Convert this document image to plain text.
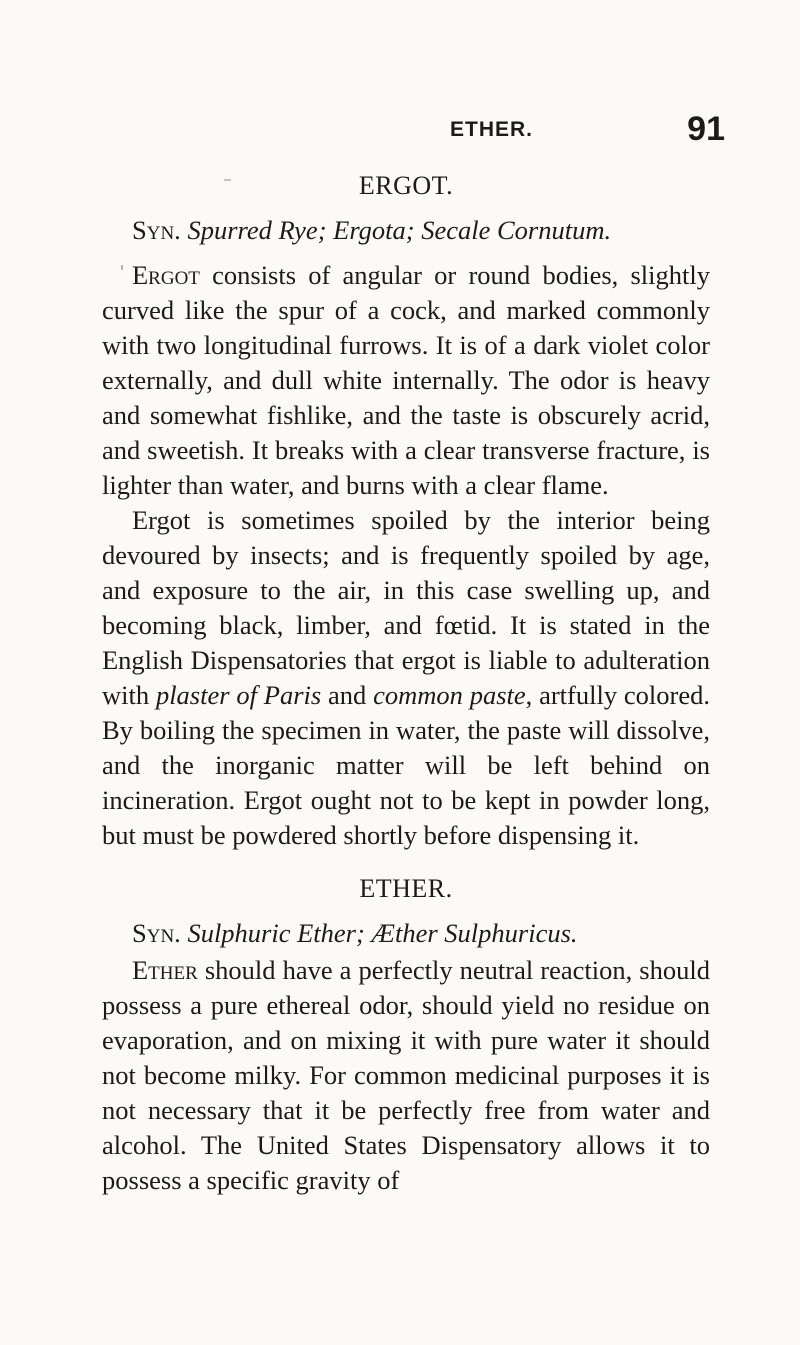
ETHER.	91
ERGOT.
Syn. Spurred Rye; Ergota; Secale Cornutum.
Ergot consists of angular or round bodies, slightly curved like the spur of a cock, and marked commonly with two longitudinal furrows. It is of a dark violet color externally, and dull white internally. The odor is heavy and somewhat fishlike, and the taste is obscurely acrid, and sweetish. It breaks with a clear transverse fracture, is lighter than water, and burns with a clear flame.
Ergot is sometimes spoiled by the interior being devoured by insects; and is frequently spoiled by age, and exposure to the air, in this case swelling up, and becoming black, limber, and fœtid. It is stated in the English Dispensatories that ergot is liable to adulteration with plaster of Paris and common paste, artfully colored. By boiling the specimen in water, the paste will dissolve, and the inorganic matter will be left behind on incineration. Ergot ought not to be kept in powder long, but must be powdered shortly before dispensing it.
ETHER.
Syn. Sulphuric Ether; Æther Sulphuricus.
Ether should have a perfectly neutral reaction, should possess a pure ethereal odor, should yield no residue on evaporation, and on mixing it with pure water it should not become milky. For common medicinal purposes it is not necessary that it be perfectly free from water and alcohol. The United States Dispensatory allows it to possess a specific gravity of
